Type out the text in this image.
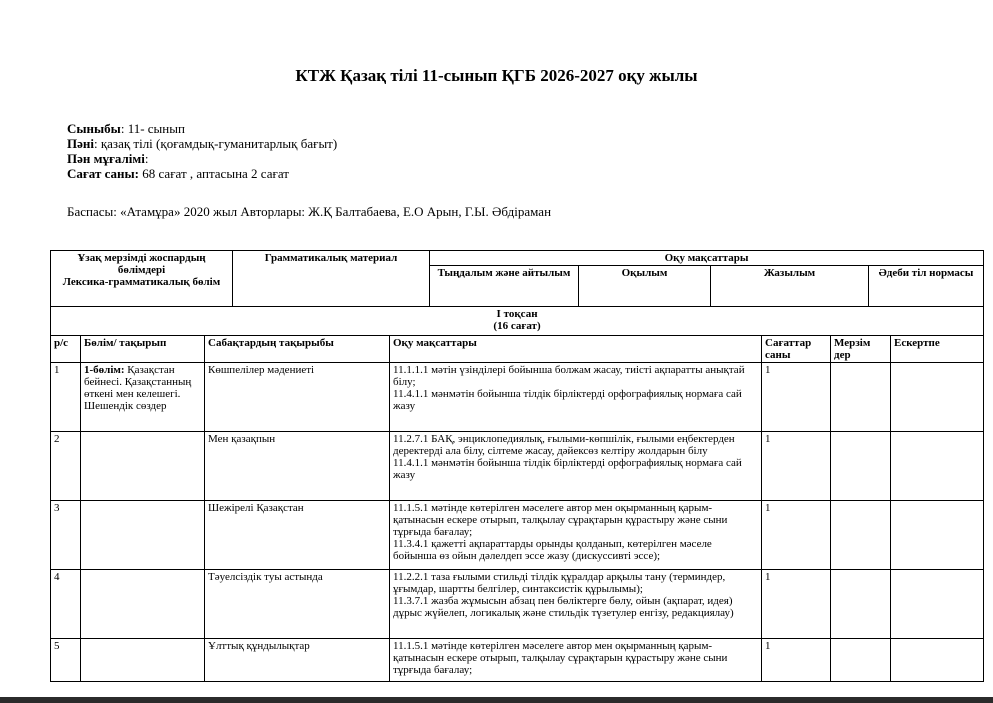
КТЖ Қазақ тілі 11-сынып ҚГБ 2026-2027 оқу жылы
Сыныбы: 11- сынып
Пәні: қазақ тілі (қоғамдық-гуманитарлық бағыт)
Пән мұғалімі:
Сағат саны: 68 сағат , аптасына 2 сағат
Баспасы: «Атамұра» 2020 жыл Авторлары: Ж.Қ Балтабаева, Е.О Арын, Г.Ы. Әбдіраман
Ұзақ мерзімді жоспардың бөлімдері
Лексика-грамматикалық бөлім	Грамматикалық материал	Оқу мақсаттары			
		Тыңдалым және айтылым	Оқылым	Жазылым	Әдеби тіл нормасы
І тоқсан
(16 сағат)						

р/с	Бөлім/ тақырып	Сабақтардың тақырыбы	Оқу мақсаттары	Сағаттар саны	Мерзім дер	Ескертпе
1	1-бөлім: Қазақстан бейнесі. Қазақстанның өткені мен келешегі. Шешендік сөздер	Көшпелілер мәдениеті	11.1.1.1 мәтін үзінділері бойынша болжам жасау, тиісті ақпаратты анықтай білу;
11.4.1.1 мәнмәтін бойынша тілдік бірліктерді орфографиялық нормаға сай жазу	1		
2		Мен қазақпын	11.2.7.1 БАҚ, энциклопедиялық, ғылыми-көпшілік, ғылыми еңбектерден деректерді ала білу, сілтеме жасау, дәйексөз келтіру жолдарын білу
11.4.1.1 мәнмәтін бойынша тілдік бірліктерді орфографиялық нормаға сай жазу	1		
3		Шежірелі Қазақстан	11.1.5.1 мәтінде көтерілген мәселеге автор мен оқырманның қарым-қатынасын ескере отырып, талқылау сұрақтарын құрастыру және сыни тұрғыда бағалау;
11.3.4.1 қажетті ақпараттарды орынды қолданып, көтерілген мәселе бойынша өз ойын дәлелдеп эссе жазу (дискуссивті эссе);	1		
4		Тәуелсіздік туы астында	11.2.2.1 таза ғылыми стильді тілдік құралдар арқылы тану (терминдер, ұғымдар, шартты белгілер, синтаксистік құрылымы);
11.3.7.1 жазба жұмысын абзац пен бөліктерге бөлу, ойын (ақпарат, идея) дұрыс жүйелеп, логикалық және стильдік түзетулер енгізу, редакциялау)	1		
5		Ұлттық құндылықтар	11.1.5.1 мәтінде көтерілген мәселеге автор мен оқырманның қарым-қатынасын ескере отырып, талқылау сұрақтарын құрастыру және сыни тұрғыда бағалау;	1		
